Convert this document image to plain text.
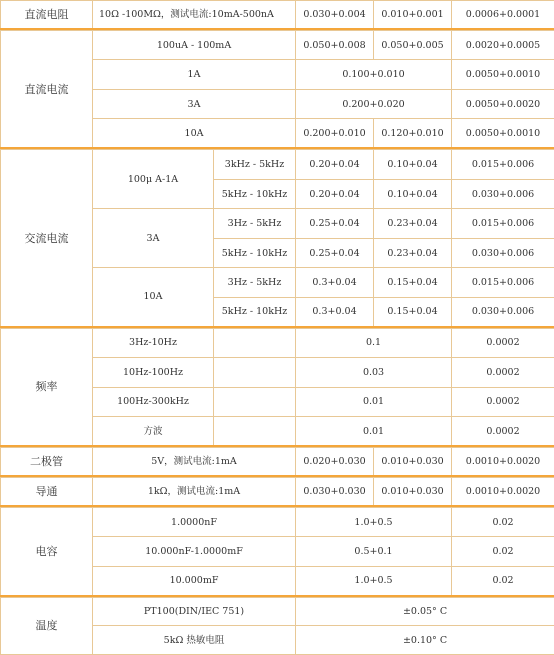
直流电阻	10Ω -100MΩ，测试电流:10mA-500nA		0.030+0.004	0.010+0.001	0.0006+0.0001

直流电流	100uA - 100mA		0.050+0.008	0.050+0.005	0.0020+0.0005
	1A		0.100+0.010		0.0050+0.0010
	3A		0.200+0.020		0.0050+0.0020
	10A		0.200+0.010	0.120+0.010	0.0050+0.0010

交流电流	100μ A-1A	3kHz - 5kHz	0.20+0.04	0.10+0.04	0.015+0.006
		5kHz - 10kHz	0.20+0.04	0.10+0.04	0.030+0.006
	3A	3Hz - 5kHz	0.25+0.04	0.23+0.04	0.015+0.006
		5kHz - 10kHz	0.25+0.04	0.23+0.04	0.030+0.006
	10A	3Hz - 5kHz	0.3+0.04	0.15+0.04	0.015+0.006
		5kHz - 10kHz	0.3+0.04	0.15+0.04	0.030+0.006

频率	3Hz-10Hz		0.1		0.0002
	10Hz-100Hz		0.03		0.0002
	100Hz-300kHz		0.01		0.0002
	方波		0.01		0.0002

二极管	5V，测试电流:1mA		0.020+0.030	0.010+0.030	0.0010+0.0020

导通	1kΩ，测试电流:1mA		0.030+0.030	0.010+0.030	0.0010+0.0020

电容	1.0000nF		1.0+0.5		0.02
	10.000nF-1.0000mF		0.5+0.1		0.02
	10.000mF		1.0+0.5		0.02

温度	PT100(DIN/IEC 751)		±0.05° C		
	5kΩ 热敏电阻		±0.10° C		
